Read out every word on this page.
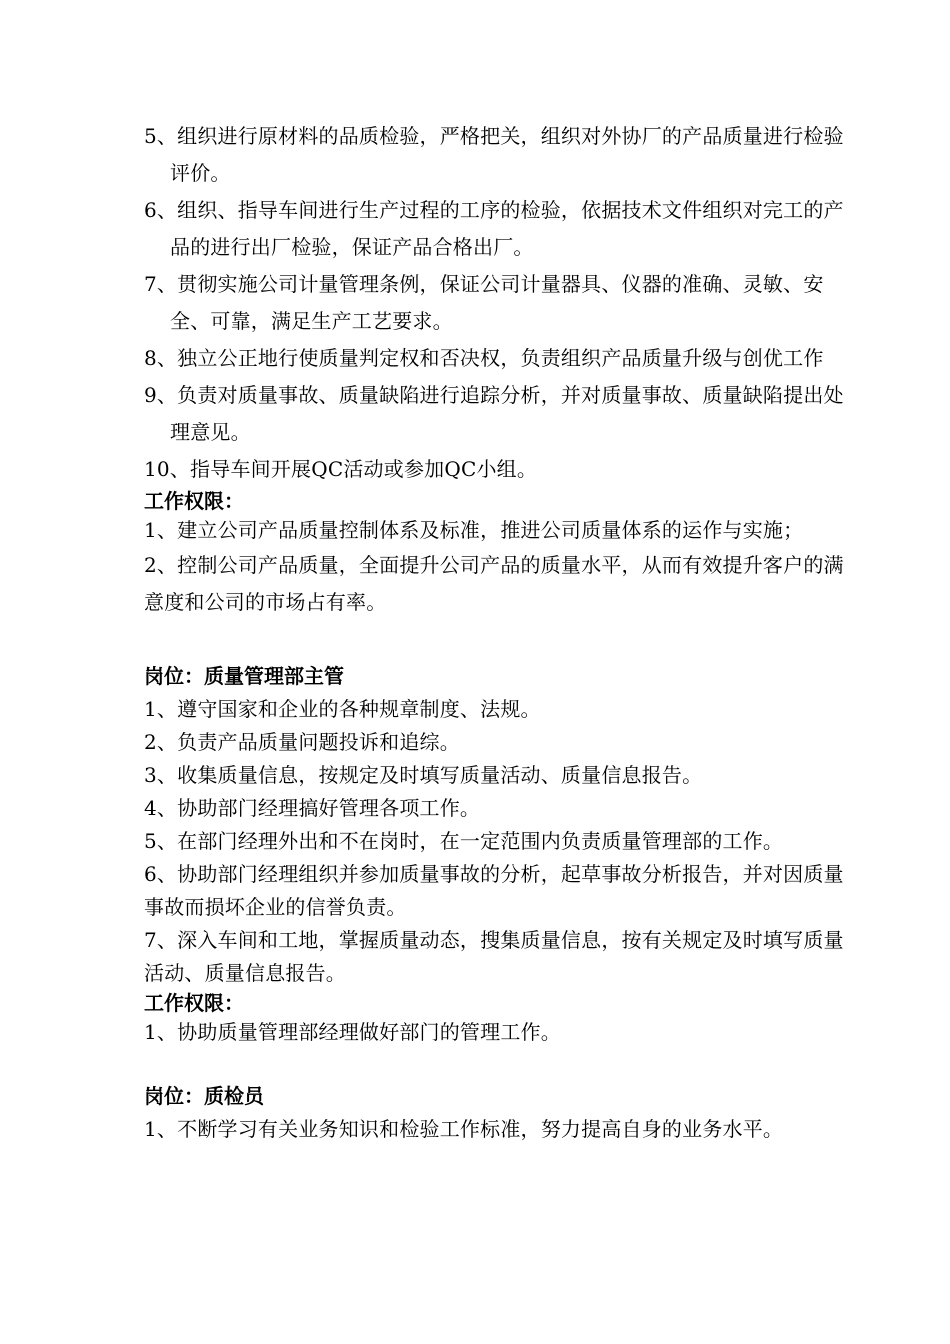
5、组织进行原材料的品质检验，严格把关，组织对外协厂的产品质量进行检验评价。

6、组织、指导车间进行生产过程的工序的检验，依据技术文件组织对完工的产品的进行出厂检验，保证产品合格出厂。

7、贯彻实施公司计量管理条例，保证公司计量器具、仪器的准确、灵敏、安全、可靠，满足生产工艺要求。

8、独立公正地行使质量判定权和否决权，负责组织产品质量升级与创优工作

9、负责对质量事故、质量缺陷进行追踪分析，并对质量事故、质量缺陷提出处理意见。

10、指导车间开展QC活动或参加QC小组。

工作权限：

1、建立公司产品质量控制体系及标准，推进公司质量体系的运作与实施；

2、控制公司产品质量，全面提升公司产品的质量水平，从而有效提升客户的满意度和公司的市场占有率。

岗位：质量管理部主管

1、遵守国家和企业的各种规章制度、法规。

2、负责产品质量问题投诉和追综。

3、收集质量信息，按规定及时填写质量活动、质量信息报告。

4、协助部门经理搞好管理各项工作。

5、在部门经理外出和不在岗时，在一定范围内负责质量管理部的工作。

6、协助部门经理组织并参加质量事故的分析，起草事故分析报告，并对因质量事故而损坏企业的信誉负责。

7、深入车间和工地，掌握质量动态，搜集质量信息，按有关规定及时填写质量活动、质量信息报告。

工作权限：

1、协助质量管理部经理做好部门的管理工作。

岗位：质检员

1、不断学习有关业务知识和检验工作标准，努力提高自身的业务水平。
